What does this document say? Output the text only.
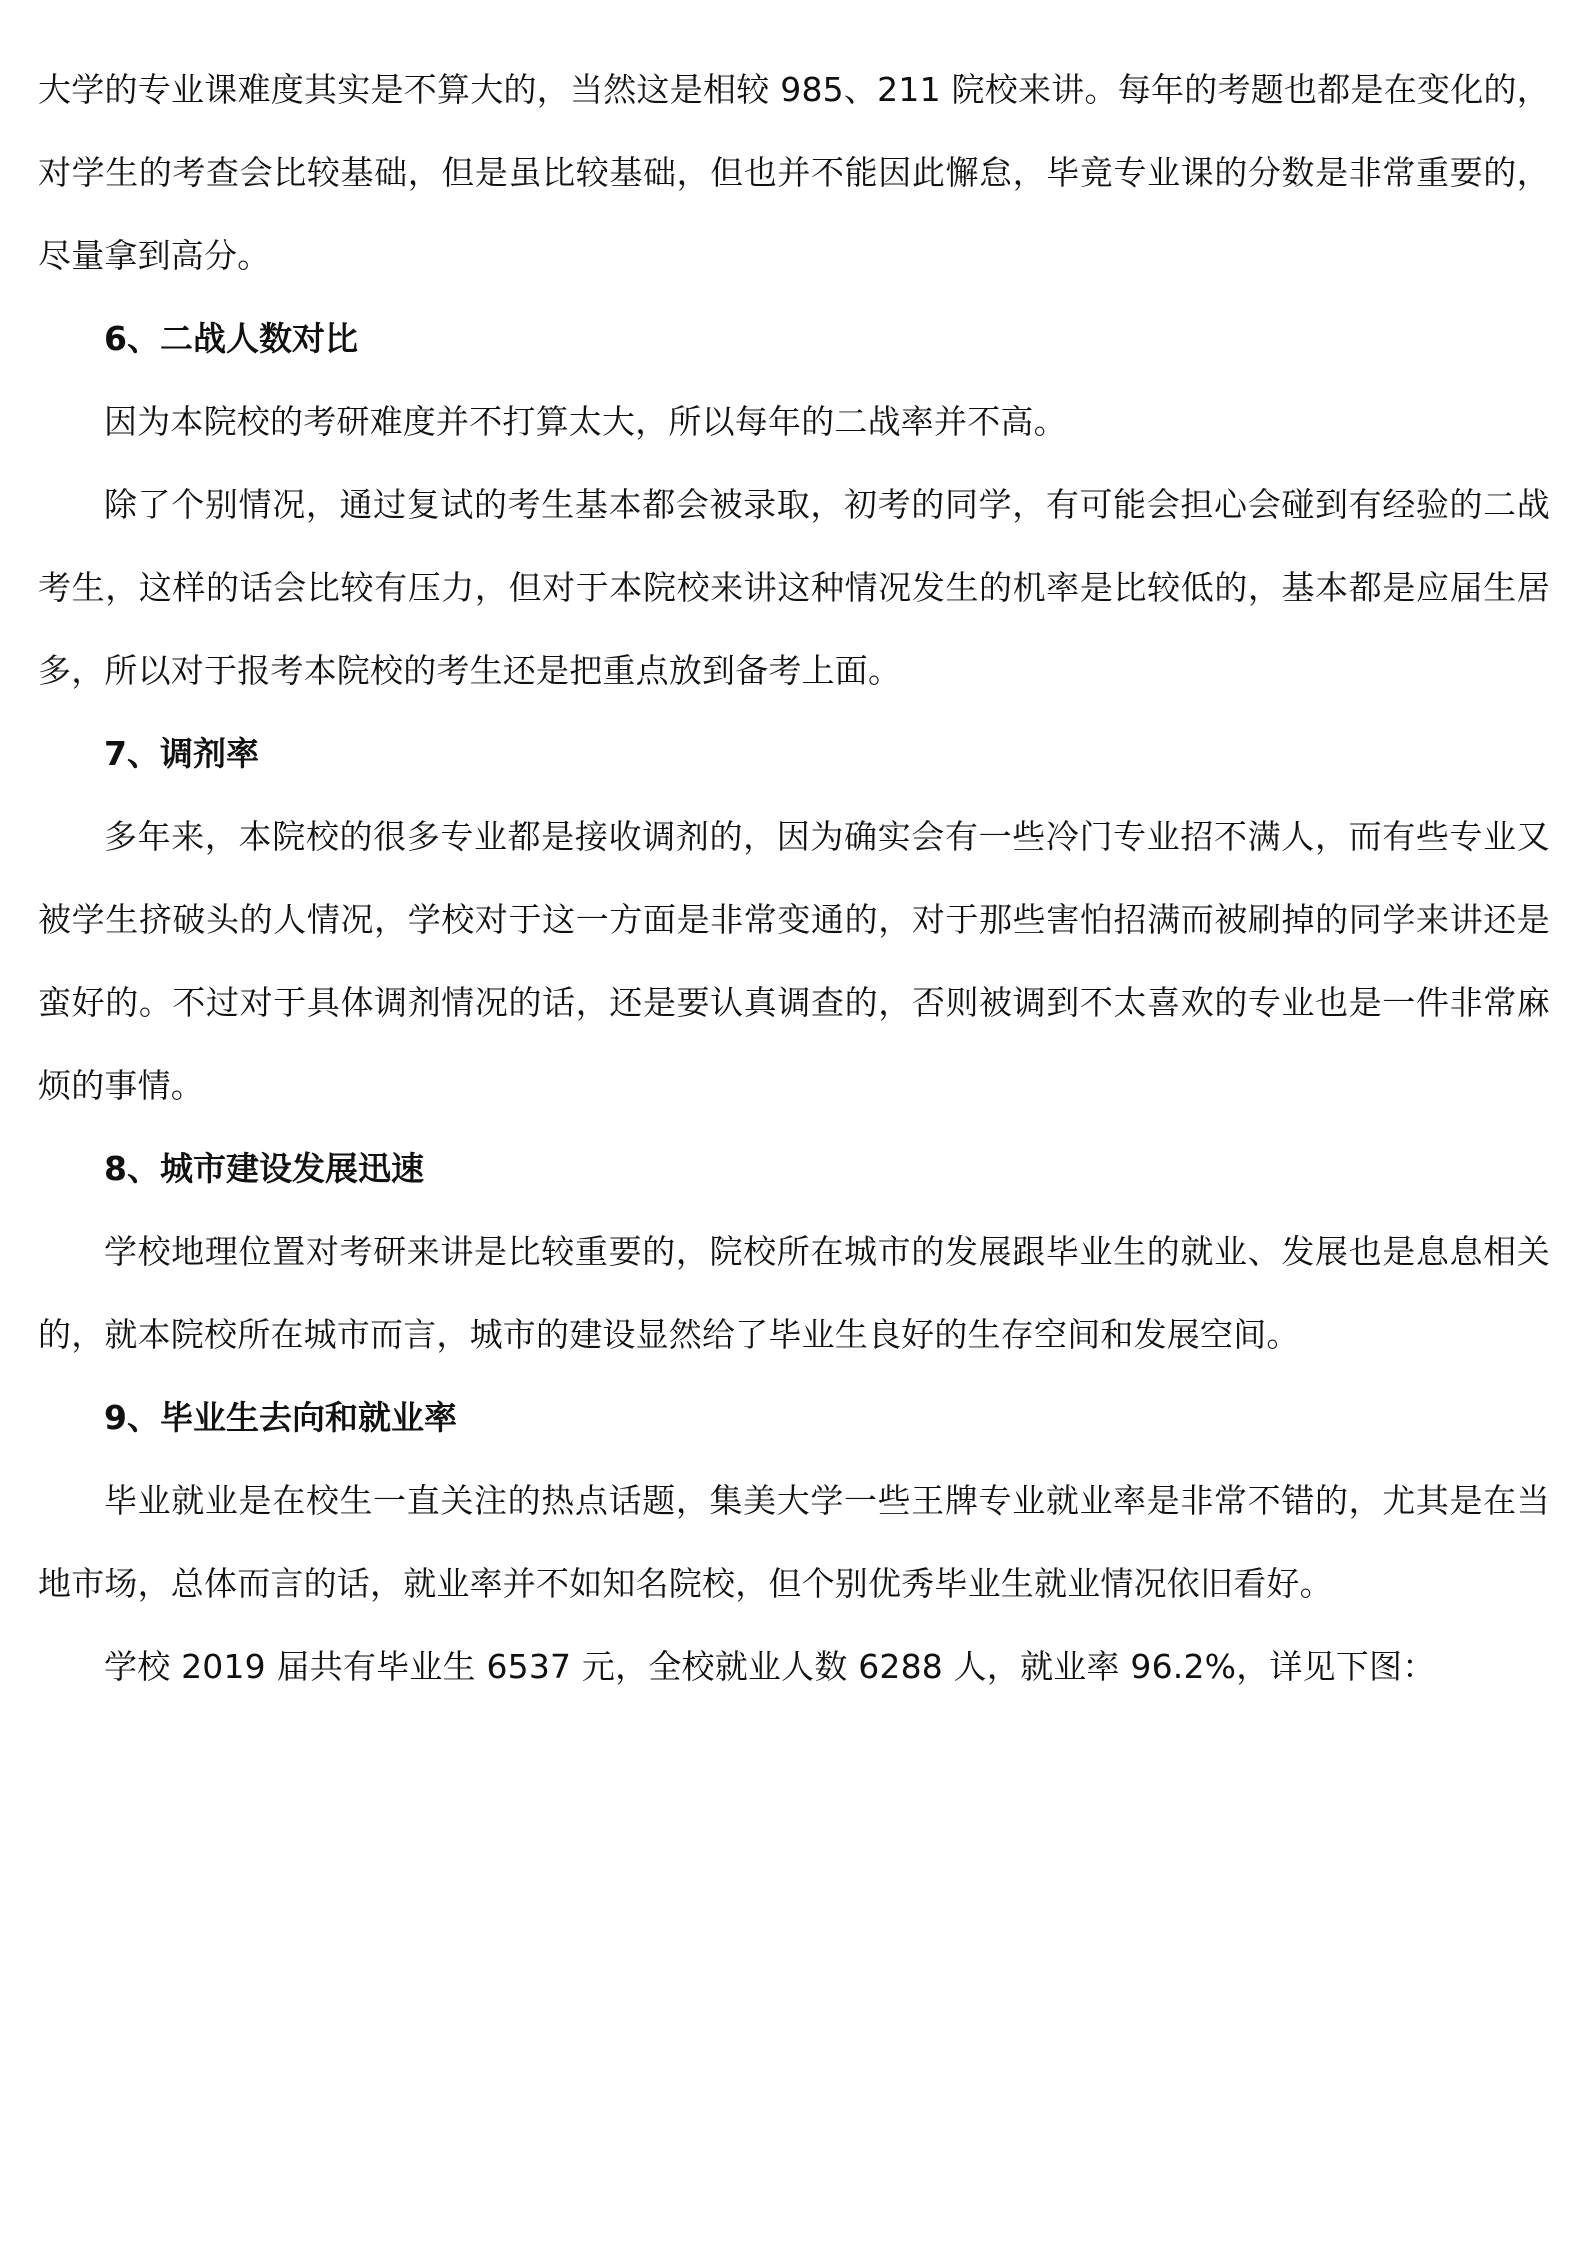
大学的专业课难度其实是不算大的，当然这是相较 985、211 院校来讲。每年的考题也都是在变化的，对学生的考查会比较基础，但是虽比较基础，但也并不能因此懈怠，毕竟专业课的分数是非常重要的，尽量拿到高分。

6、二战人数对比

因为本院校的考研难度并不打算太大，所以每年的二战率并不高。

除了个别情况，通过复试的考生基本都会被录取，初考的同学，有可能会担心会碰到有经验的二战考生，这样的话会比较有压力，但对于本院校来讲这种情况发生的机率是比较低的，基本都是应届生居多，所以对于报考本院校的考生还是把重点放到备考上面。

7、调剂率

多年来，本院校的很多专业都是接收调剂的，因为确实会有一些冷门专业招不满人，而有些专业又被学生挤破头的人情况，学校对于这一方面是非常变通的，对于那些害怕招满而被刷掉的同学来讲还是蛮好的。不过对于具体调剂情况的话，还是要认真调查的，否则被调到不太喜欢的专业也是一件非常麻烦的事情。

8、城市建设发展迅速

学校地理位置对考研来讲是比较重要的，院校所在城市的发展跟毕业生的就业、发展也是息息相关的，就本院校所在城市而言，城市的建设显然给了毕业生良好的生存空间和发展空间。

9、毕业生去向和就业率

毕业就业是在校生一直关注的热点话题，集美大学一些王牌专业就业率是非常不错的，尤其是在当地市场，总体而言的话，就业率并不如知名院校，但个别优秀毕业生就业情况依旧看好。

学校 2019 届共有毕业生 6537 元，全校就业人数 6288 人，就业率 96.2%，详见下图：
